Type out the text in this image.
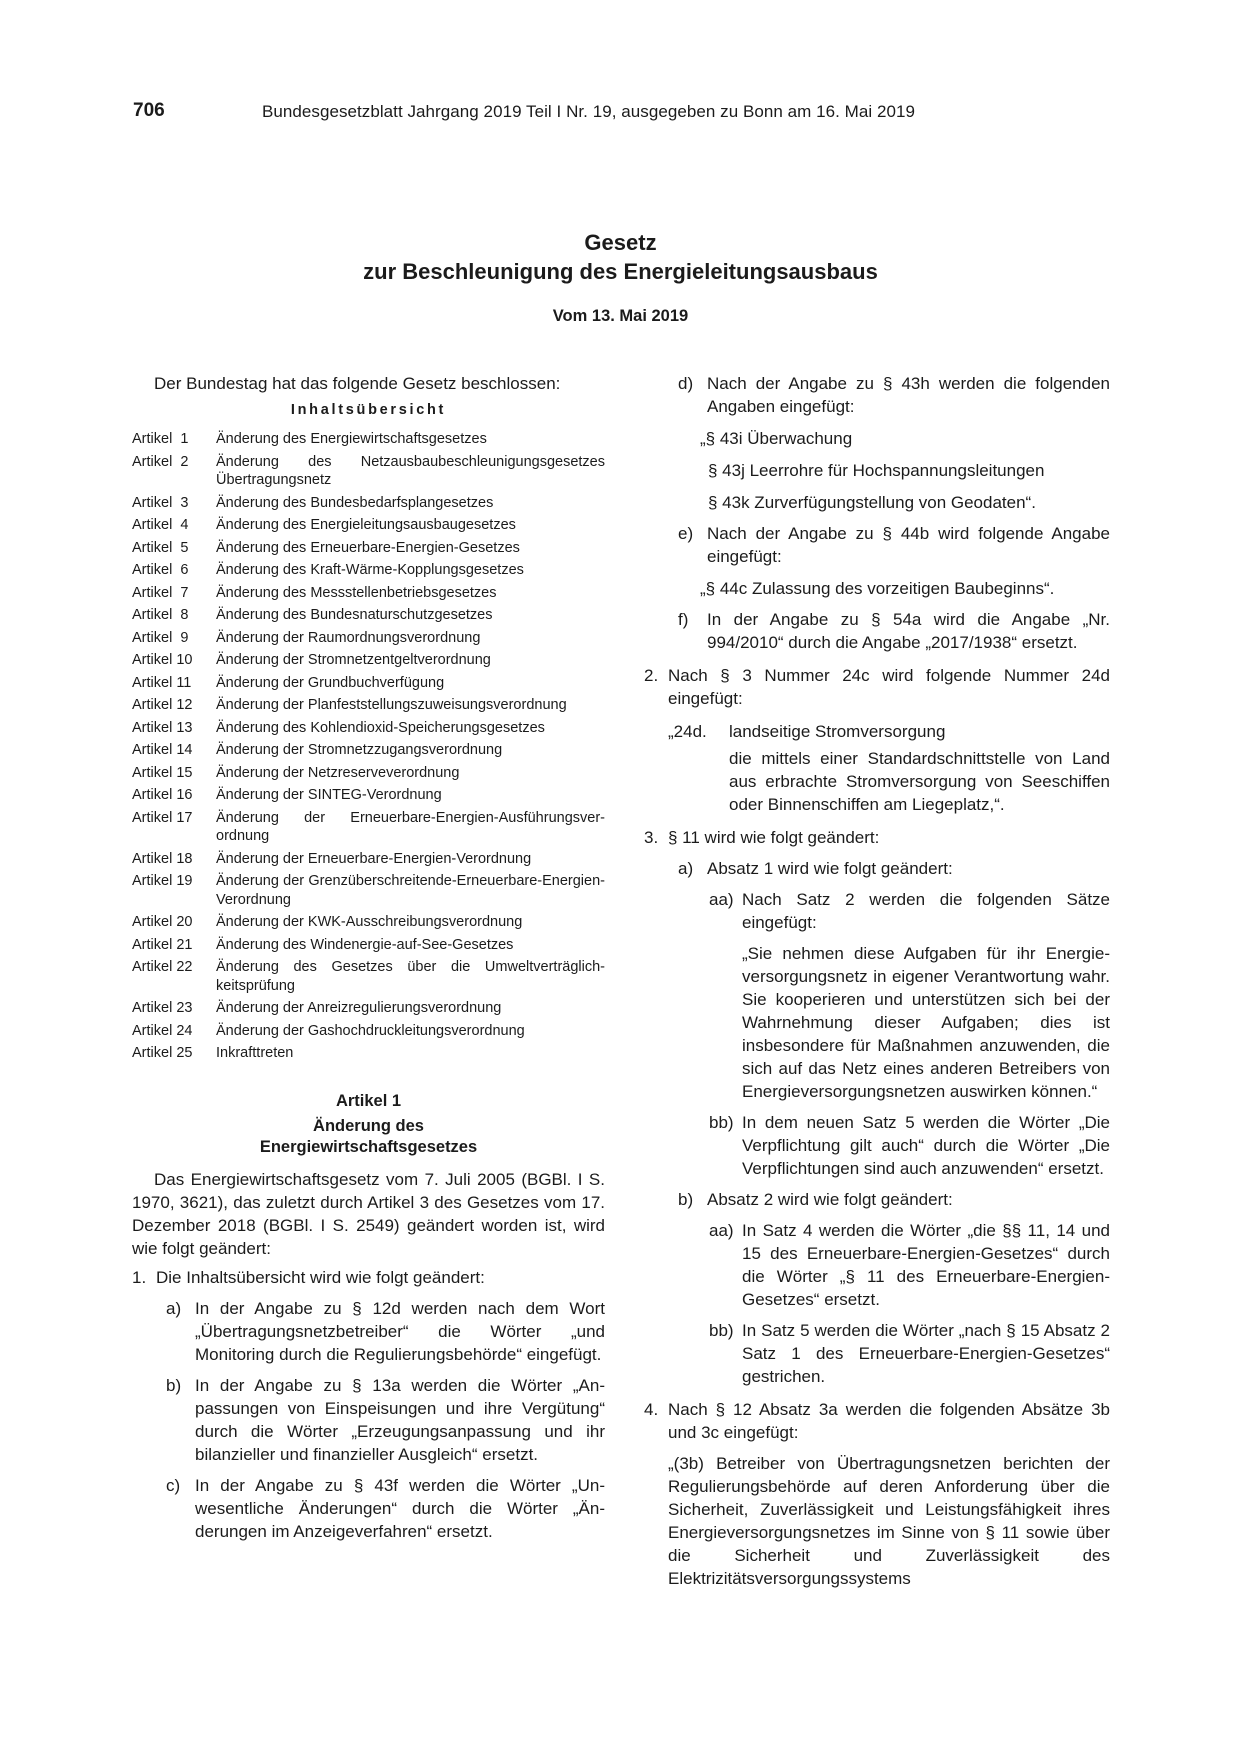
706	Bundesgesetzblatt Jahrgang 2019 Teil I Nr. 19, ausgegeben zu Bonn am 16. Mai 2019
Gesetz
zur Beschleunigung des Energieleitungsausbaus

Vom 13. Mai 2019

Der Bundestag hat das folgende Gesetz beschlossen:

Inhaltsübersicht

Artikel  1	Änderung des Energiewirtschaftsgesetzes
Artikel  2	Änderung des Netzausbaubeschleunigungsgesetzes Übertragungsnetz
Artikel  3	Änderung des Bundesbedarfsplangesetzes
Artikel  4	Änderung des Energieleitungsausbaugesetzes
Artikel  5	Änderung des Erneuerbare-Energien-Gesetzes
Artikel  6	Änderung des Kraft-Wärme-Kopplungsgesetzes
Artikel  7	Änderung des Messstellenbetriebsgesetzes
Artikel  8	Änderung des Bundesnaturschutzgesetzes
Artikel  9	Änderung der Raumordnungsverordnung
Artikel 10	Änderung der Stromnetzentgeltverordnung
Artikel 11	Änderung der Grundbuchverfügung
Artikel 12	Änderung der Planfeststellungszuweisungsverordnung
Artikel 13	Änderung des Kohlendioxid-Speicherungsgesetzes
Artikel 14	Änderung der Stromnetzzugangsverordnung
Artikel 15	Änderung der Netzreserveverordnung
Artikel 16	Änderung der SINTEG-Verordnung
Artikel 17	Änderung der Erneuerbare-Energien-Ausführungsverordnung
Artikel 18	Änderung der Erneuerbare-Energien-Verordnung
Artikel 19	Änderung der Grenzüberschreitende-Erneuerbare-Energien-Verordnung
Artikel 20	Änderung der KWK-Ausschreibungsverordnung
Artikel 21	Änderung des Windenergie-auf-See-Gesetzes
Artikel 22	Änderung des Gesetzes über die Umweltverträglichkeitsprüfung
Artikel 23	Änderung der Anreizregulierungsverordnung
Artikel 24	Änderung der Gashochdruckleitungsverordnung
Artikel 25	Inkrafttreten
Artikel 1
Änderung des
Energiewirtschaftsgesetzes

Das Energiewirtschaftsgesetz vom 7. Juli 2005 (BGBl. I S. 1970, 3621), das zuletzt durch Artikel 3 des Gesetzes vom 17. Dezember 2018 (BGBl. I S. 2549) geändert worden ist, wird wie folgt geändert:

1. Die Inhaltsübersicht wird wie folgt geändert:
a) In der Angabe zu § 12d werden nach dem Wort „Übertragungsnetzbetreiber“ die Wörter „und Monitoring durch die Regulierungsbehörde“ eingefügt.
b) In der Angabe zu § 13a werden die Wörter „Anpassungen von Einspeisungen und ihre Vergütung“ durch die Wörter „Erzeugungsanpassung und ihr bilanzieller und finanzieller Ausgleich“ ersetzt.
c) In der Angabe zu § 43f werden die Wörter „Unwesentliche Änderungen“ durch die Wörter „Änderungen im Anzeigeverfahren“ ersetzt.
d) Nach der Angabe zu § 43h werden die folgenden Angaben eingefügt:

„§ 43i Überwachung

§ 43j Leerrohre für Hochspannungsleitungen

§ 43k Zurverfügungstellung von Geodaten“.

e) Nach der Angabe zu § 44b wird folgende Angabe eingefügt:

„§ 44c Zulassung des vorzeitigen Baubeginns“.

f)	In der Angabe zu § 54a wird die Angabe „Nr. 994/2010“ durch die Angabe „2017/1938“ ersetzt.
2. Nach § 3 Nummer 24c wird folgende Nummer 24d eingefügt:
„24d.	landseitige Stromversorgung

die mittels einer Standardschnittstelle von Land aus erbrachte Stromversorgung von Seeschiffen oder Binnenschiffen am Liegeplatz,“.

3. § 11 wird wie folgt geändert:
a) Absatz 1 wird wie folgt geändert:
aa) Nach Satz 2 werden die folgenden Sätze eingefügt:

„Sie nehmen diese Aufgaben für ihr Energieversorgungsnetz in eigener Verantwortung wahr. Sie kooperieren und unterstützen sich bei der Wahrnehmung dieser Aufgaben; dies ist insbesondere für Maßnahmen anzuwenden, die sich auf das Netz eines anderen Betreibers von Energieversorgungsnetzen auswirken können.“

bb) In dem neuen Satz 5 werden die Wörter „Die Verpflichtung gilt auch“ durch die Wörter „Die Verpflichtungen sind auch anzuwenden“ ersetzt.
b) Absatz 2 wird wie folgt geändert:
aa) In Satz 4 werden die Wörter „die §§ 11, 14 und 15 des Erneuerbare-Energien-Gesetzes“ durch die Wörter „§ 11 des Erneuerbare-Energien-Gesetzes“ ersetzt.
bb) In Satz 5 werden die Wörter „nach § 15 Absatz 2 Satz 1 des Erneuerbare-Energien-Gesetzes“ gestrichen.
4. Nach § 12 Absatz 3a werden die folgenden Absätze 3b und 3c eingefügt:

„(3b) Betreiber von Übertragungsnetzen berichten der Regulierungsbehörde auf deren Anforderung über die Sicherheit, Zuverlässigkeit und Leistungsfähigkeit ihres Energieversorgungsnetzes im Sinne von § 11 sowie über die Sicherheit und Zuverlässigkeit des Elektrizitätsversorgungssystems
